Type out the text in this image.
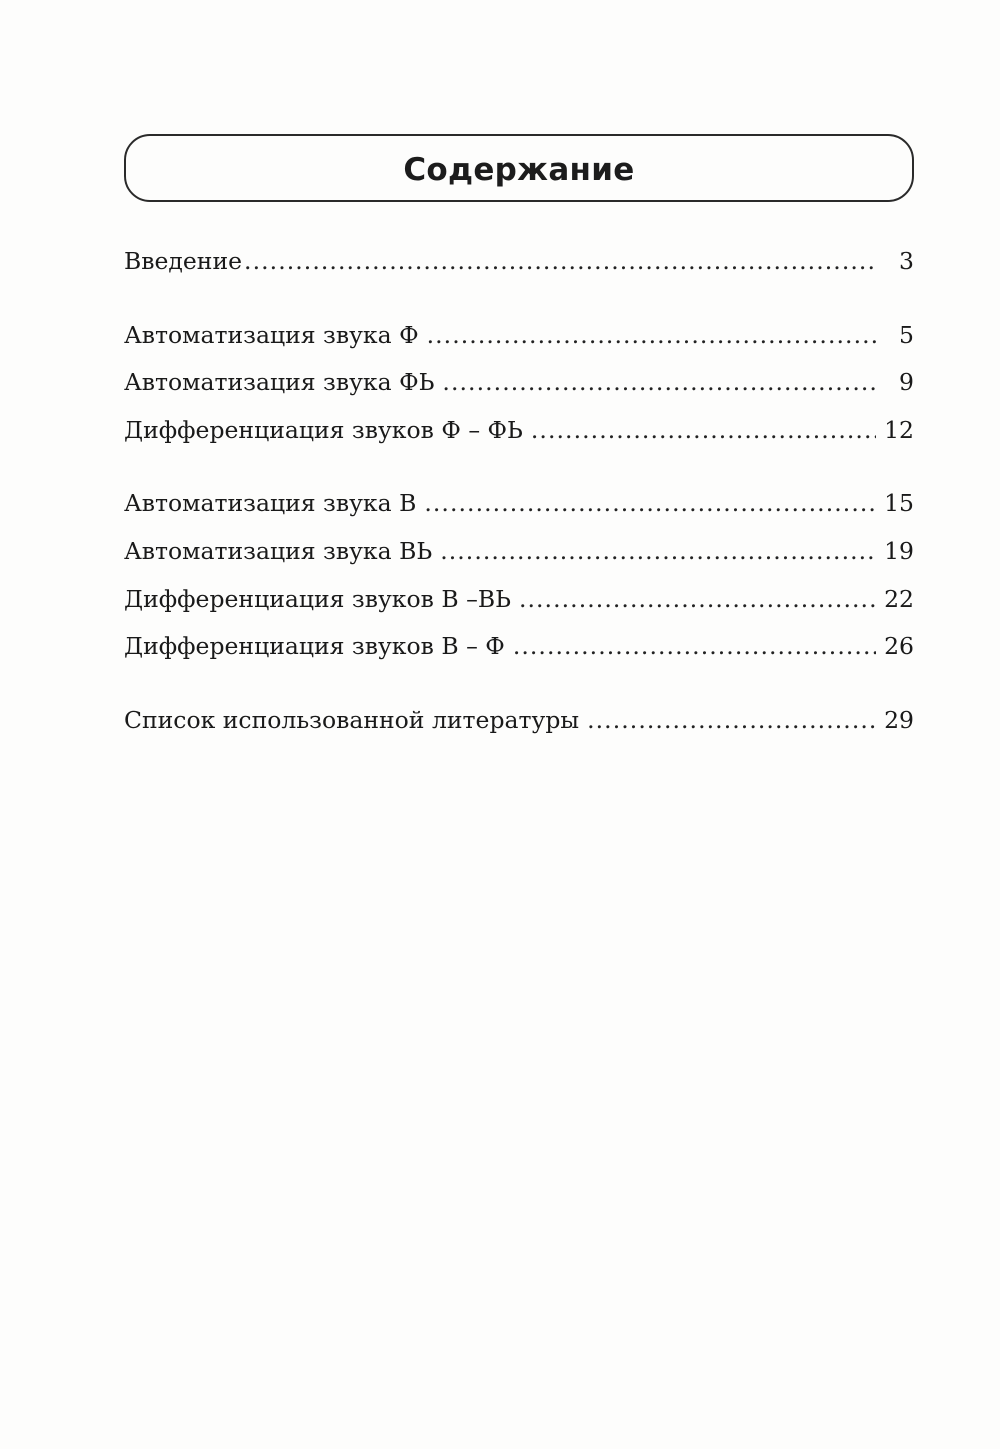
Содержание
Введение . . .	3
Автоматизация звука Ф . . .	5
Автоматизация звука ФЬ . . .	9
Дифференциация звуков Ф – ФЬ . . .	12
Автоматизация звука В . . .	15
Автоматизация звука ВЬ . . .	19
Дифференциация звуков В –ВЬ . . .	22
Дифференциация звуков В – Ф . . .	26
Список использованной литературы . . .	29
